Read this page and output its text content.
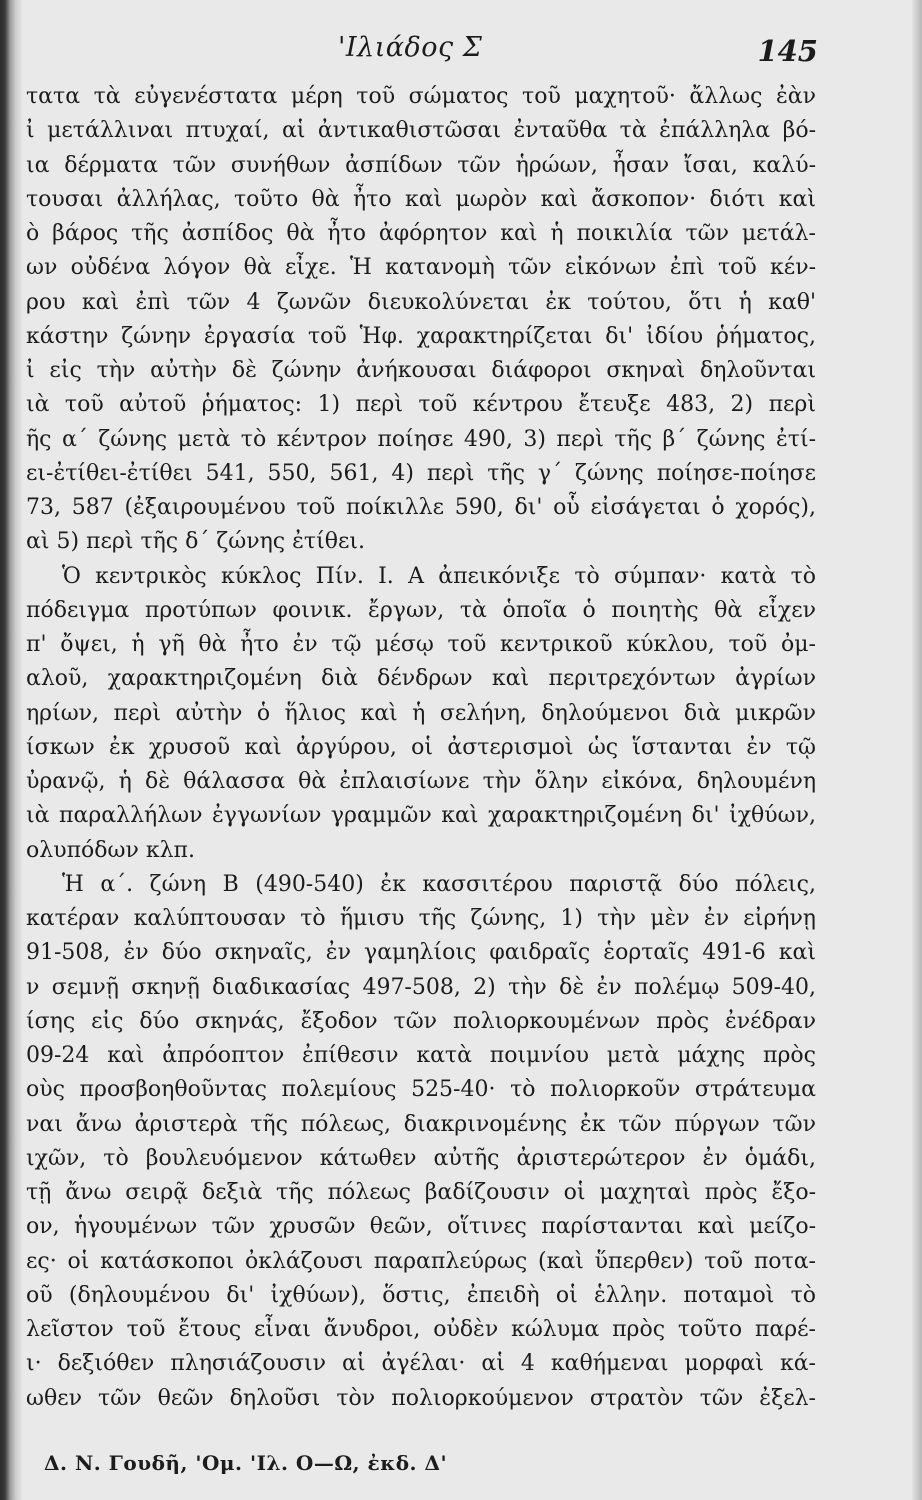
'Ιλιάδος Σ	145
τατα τὰ εὐγενέστατα μέρη τοῦ σώματος τοῦ μαχητοῦ· ἄλλως ἐὰν
ἰ μετάλλιναι πτυχαί, αἱ ἀντικαθιστῶσαι ἐνταῦθα τὰ ἐπάλληλα βό-
ια δέρματα τῶν συνήθων ἀσπίδων τῶν ἡρώων, ἦσαν ἴσαι, καλύ-
τουσαι ἀλλήλας, τοῦτο θὰ ἦτο καὶ μωρὸν καὶ ἄσκοπον· διότι καὶ
ὸ βάρος τῆς ἀσπίδος θὰ ἦτο ἀφόρητον καὶ ἡ ποικιλία τῶν μετάλ-
ων οὐδένα λόγον θὰ εἶχε. Ἡ κατανομὴ τῶν εἰκόνων ἐπὶ τοῦ κέν-
ρου καὶ ἐπὶ τῶν 4 ζωνῶν διευκολύνεται ἐκ τούτου, ὅτι ἡ καθ'
κάστην ζώνην ἐργασία τοῦ Ἡφ. χαρακτηρίζεται δι' ἰδίου ῥήματος,
ἰ εἰς τὴν αὐτὴν δὲ ζώνην ἀνήκουσαι διάφοροι σκηναὶ δηλοῦνται
ιὰ τοῦ αὐτοῦ ῥήματος: 1) περὶ τοῦ κέντρου ἔτευξε 483, 2) περὶ
ῆς α΄ ζώνης μετὰ τὸ κέντρον ποίησε 490, 3) περὶ τῆς β΄ ζώνης ἐτί-
ει-ἐτίθει-ἐτίθει 541, 550, 561, 4) περὶ τῆς γ΄ ζώνης ποίησε-ποίησε
73, 587 (ἐξαιρουμένου τοῦ ποίκιλλε 590, δι' οὗ εἰσάγεται ὁ χορός),
αὶ 5) περὶ τῆς δ΄ ζώνης ἐτίθει.
Ὁ κεντρικὸς κύκλος Πίν. Ι. Α ἀπεικόνιξε τὸ σύμπαν· κατὰ τὸ
πόδειγμα προτύπων φοινικ. ἔργων, τὰ ὁποῖα ὁ ποιητὴς θὰ εἶχεν
π' ὄψει, ἡ γῆ θὰ ἦτο ἐν τῷ μέσῳ τοῦ κεντρικοῦ κύκλου, τοῦ ὀμ-
αλοῦ, χαρακτηριζομένη διὰ δένδρων καὶ περιτρεχόντων ἀγρίων
ηρίων, περὶ αὐτὴν ὁ ἥλιος καὶ ἡ σελήνη, δηλούμενοι διὰ μικρῶν
ίσκων ἐκ χρυσοῦ καὶ ἀργύρου, οἱ ἀστερισμοὶ ὡς ἵστανται ἐν τῷ
ὐρανῷ, ἡ δὲ θάλασσα θὰ ἐπλαισίωνε τὴν ὅλην εἰκόνα, δηλουμένη
ιὰ παραλλήλων ἐγγωνίων γραμμῶν καὶ χαρακτηριζομένη δι' ἰχθύων,
ολυπόδων κλπ.
Ἡ α΄. ζώνη Β (490-540) ἐκ κασσιτέρου παριστᾷ δύο πόλεις,
κατέραν καλύπτουσαν τὸ ἥμισυ τῆς ζώνης, 1) τὴν μὲν ἐν εἰρήνῃ
91-508, ἐν δύο σκηναῖς, ἐν γαμηλίοις φαιδραῖς ἑορταῖς 491-6 καὶ
ν σεμνῇ σκηνῇ διαδικασίας 497-508, 2) τὴν δὲ ἐν πολέμῳ 509-40,
ίσης εἰς δύο σκηνάς, ἔξοδον τῶν πολιορκουμένων πρὸς ἐνέδραν
09-24 καὶ ἀπρόοπτον ἐπίθεσιν κατὰ ποιμνίου μετὰ μάχης πρὸς
οὺς προσβοηθοῦντας πολεμίους 525-40· τὸ πολιορκοῦν στράτευμα
ναι ἄνω ἀριστερὰ τῆς πόλεως, διακρινομένης ἐκ τῶν πύργων τῶν
ιχῶν, τὸ βουλευόμενον κάτωθεν αὐτῆς ἀριστερώτερον ἐν ὁμάδι,
τῇ ἄνω σειρᾷ δεξιὰ τῆς πόλεως βαδίζουσιν οἱ μαχηταὶ πρὸς ἔξο-
ον, ἡγουμένων τῶν χρυσῶν θεῶν, οἵτινες παρίστανται καὶ μείζο-
ες· οἱ κατάσκοποι ὀκλάζουσι παραπλεύρως (καὶ ὕπερθεν) τοῦ ποτα-
οῦ (δηλουμένου δι' ἰχθύων), ὅστις, ἐπειδὴ οἱ ἑλλην. ποταμοὶ τὸ
λεῖστον τοῦ ἔτους εἶναι ἄνυδροι, οὐδὲν κώλυμα πρὸς τοῦτο παρέ-
ι· δεξιόθεν πλησιάζουσιν αἱ ἀγέλαι· αἱ 4 καθήμεναι μορφαὶ κά-
ωθεν τῶν θεῶν δηλοῦσι τὸν πολιορκούμενον στρατὸν τῶν ἐξελ-
Δ. Ν. Γουδῆ, 'Ομ. 'Ιλ. Ο—Ω, ἐκδ. Δ'
